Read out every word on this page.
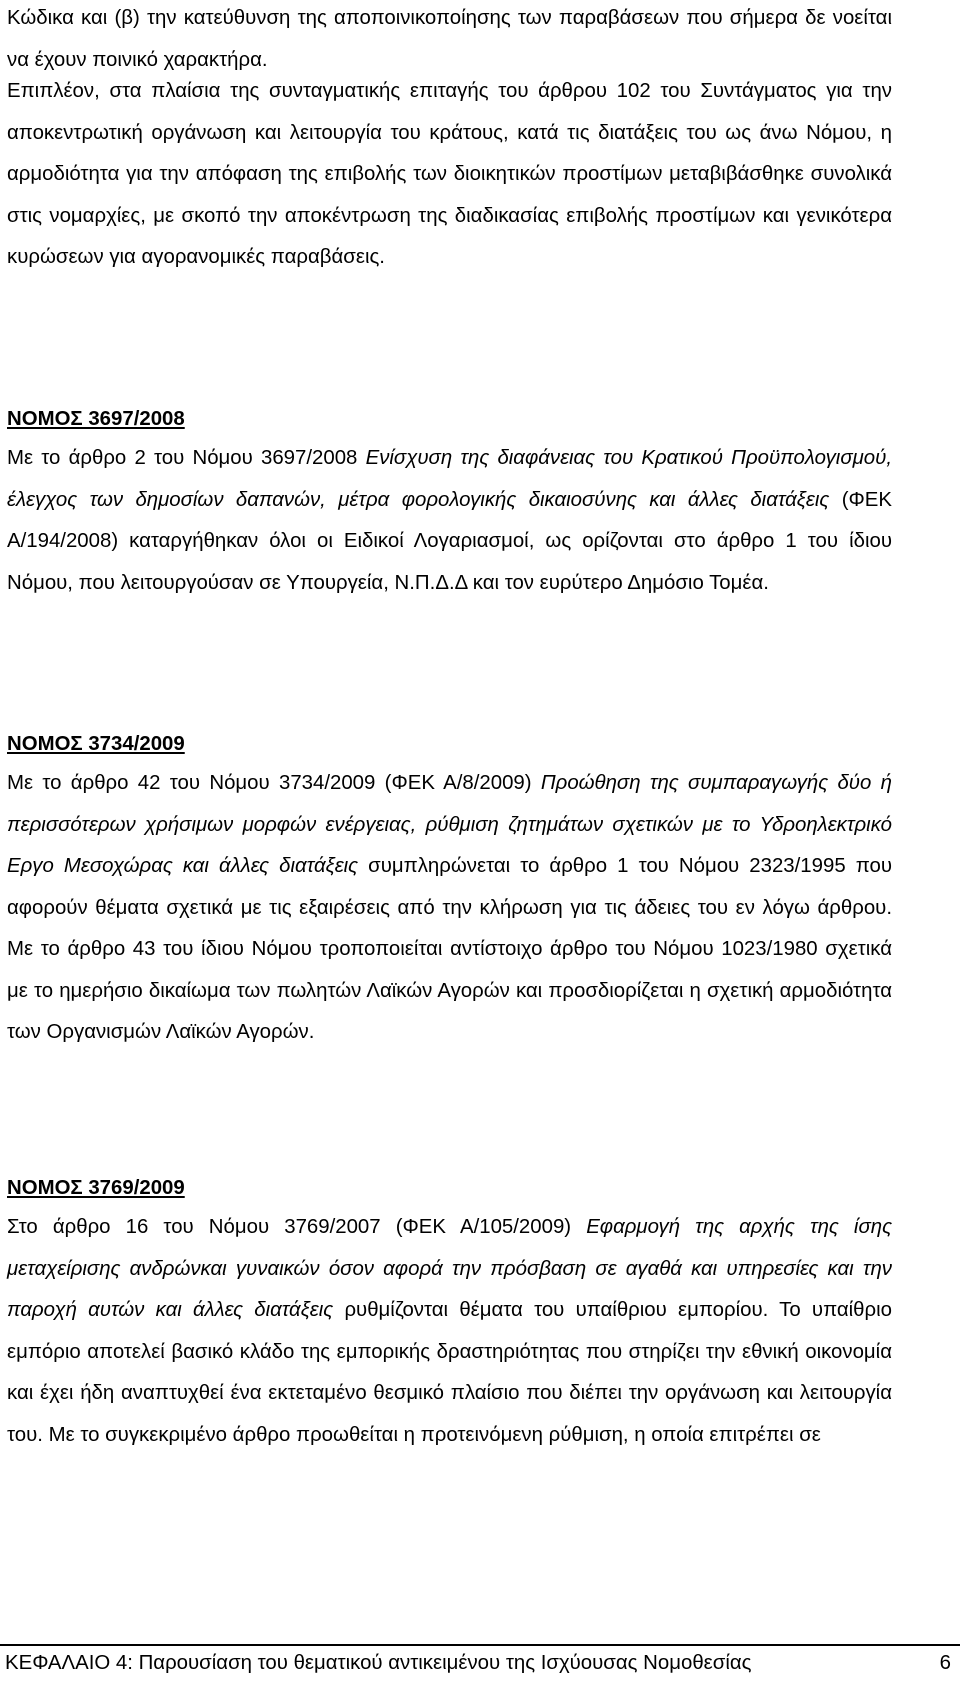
Κώδικα και (β) την κατεύθυνση της αποποινικοποίησης των παραβάσεων που σήμερα δε νοείται να έχουν ποινικό χαρακτήρα.

Επιπλέον, στα πλαίσια της συνταγματικής επιταγής του άρθρου 102 του Συντάγματος για την αποκεντρωτική οργάνωση και λειτουργία του κράτους, κατά τις διατάξεις του ως άνω Νόμου, η αρμοδιότητα για την απόφαση της επιβολής των διοικητικών προστίμων μεταβιβάσθηκε συνολικά στις νομαρχίες, με σκοπό την αποκέντρωση της διαδικασίας επιβολής προστίμων και γενικότερα κυρώσεων για αγορανομικές παραβάσεις.

ΝΟΜΟΣ 3697/2008

Με το άρθρο 2 του Νόμου 3697/2008 Ενίσχυση της διαφάνειας του Κρατικού Προϋπολογισμού, έλεγχος των δημοσίων δαπανών, μέτρα φορολογικής δικαιοσύνης και άλλες διατάξεις (ΦΕΚ Α/194/2008) καταργήθηκαν όλοι οι Ειδικοί Λογαριασμοί, ως ορίζονται στο άρθρο 1 του ίδιου Νόμου, που λειτουργούσαν σε Υπουργεία, Ν.Π.Δ.Δ και τον ευρύτερο Δημόσιο Τομέα.

ΝΟΜΟΣ 3734/2009

Με το άρθρο 42 του Νόμου 3734/2009 (ΦΕΚ Α/8/2009) Προώθηση της συμπαραγωγής δύο ή περισσότερων χρήσιμων μορφών ενέργειας, ρύθμιση ζητημάτων σχετικών με το Υδροηλεκτρικό Εργο Μεσοχώρας και άλλες διατάξεις συμπληρώνεται το άρθρο 1 του Νόμου 2323/1995 που αφορούν θέματα σχετικά με τις εξαιρέσεις από την κλήρωση για τις άδειες του εν λόγω άρθρου. Με το άρθρο 43 του ίδιου Νόμου τροποποιείται αντίστοιχο άρθρο του Νόμου 1023/1980 σχετικά με το ημερήσιο δικαίωμα των πωλητών Λαϊκών Αγορών και προσδιορίζεται η σχετική αρμοδιότητα των Οργανισμών Λαϊκών Αγορών.

ΝΟΜΟΣ 3769/2009

Στο άρθρο 16 του Νόμου 3769/2007 (ΦΕΚ Α/105/2009) Εφαρμογή της αρχής της ίσης μεταχείρισης ανδρώνκαι γυναικών όσον αφορά την πρόσβαση σε αγαθά και υπηρεσίες και την παροχή αυτών και άλλες διατάξεις ρυθμίζονται θέματα του υπαίθριου εμπορίου. Το υπαίθριο εμπόριο αποτελεί βασικό κλάδο της εμπορικής δραστηριότητας που στηρίζει την εθνική οικονομία και έχει ήδη αναπτυχθεί ένα εκτεταμένο θεσμικό πλαίσιο που διέπει την οργάνωση και λειτουργία του. Με το συγκεκριμένο άρθρο προωθείται η προτεινόμενη ρύθμιση, η οποία επιτρέπει σε

ΚΕΦΑΛΑΙΟ 4: Παρουσίαση του θεματικού αντικειμένου της Ισχύουσας Νομοθεσίας	6
